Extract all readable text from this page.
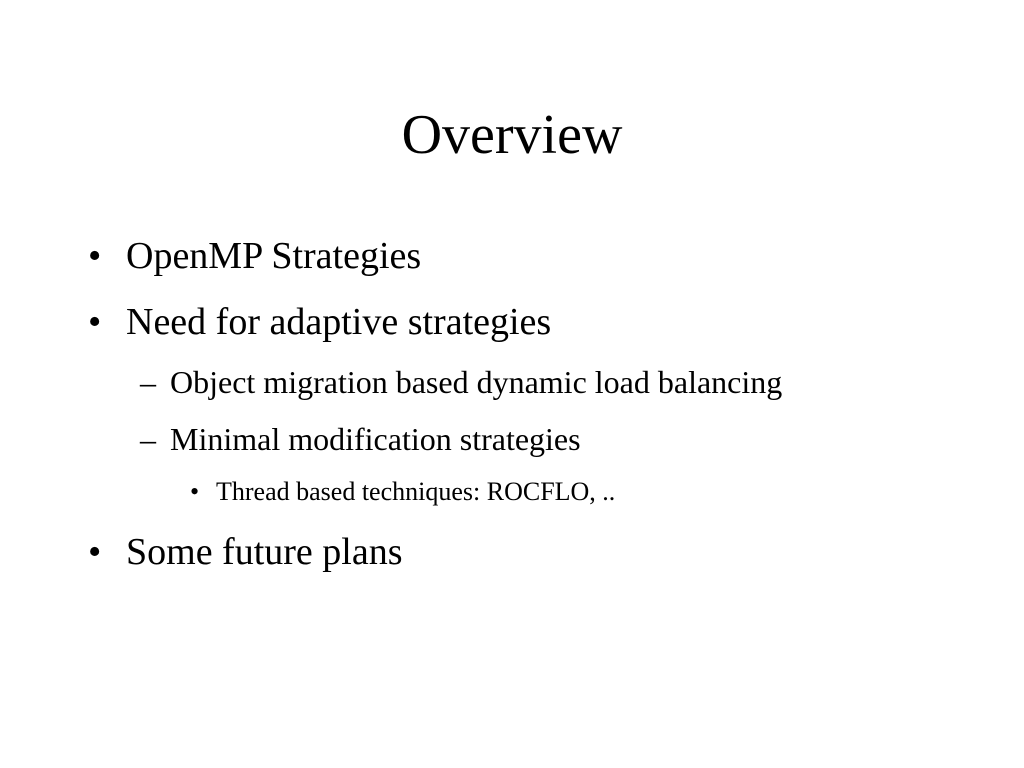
Overview
• OpenMP Strategies
• Need for adaptive strategies
– Object migration based dynamic load balancing
– Minimal modification strategies
• Thread based techniques: ROCFLO, ..
• Some future plans
